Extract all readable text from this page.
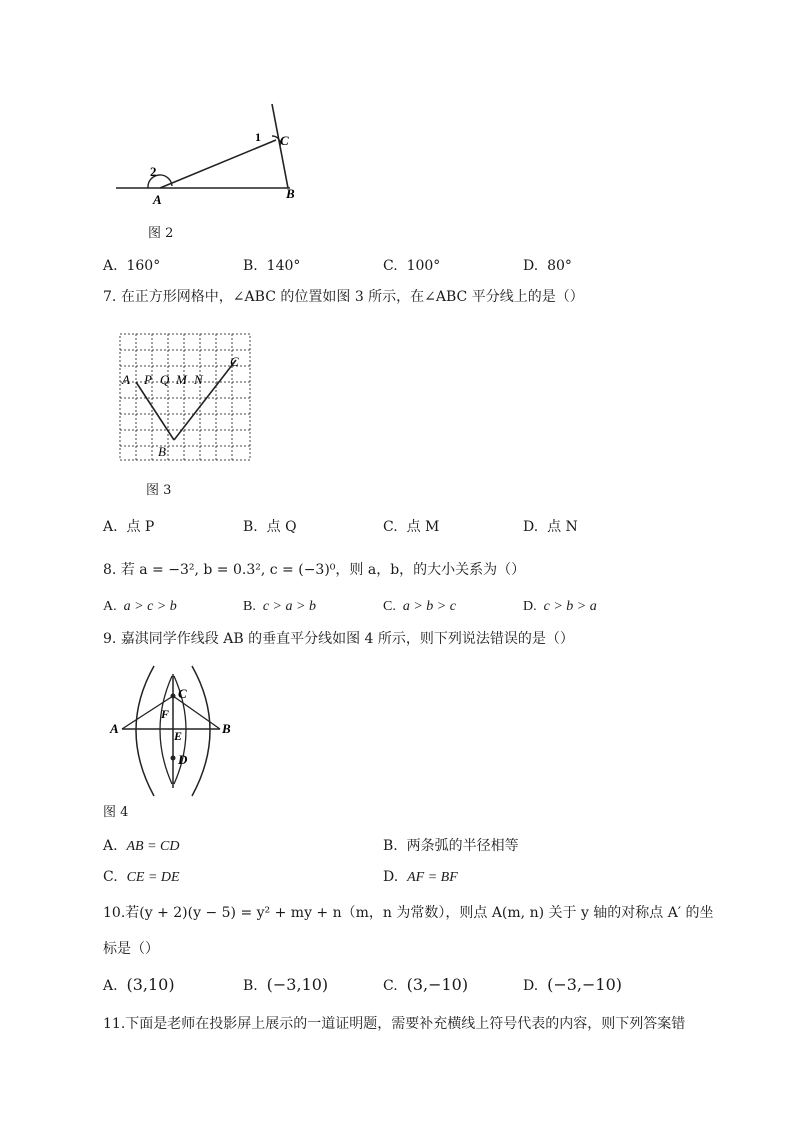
2
A	B
1 C
图 2
A. 160°	B. 140°	C. 100°	D. 80°
7. 在正方形网格中，∠ABC 的位置如图 3 所示，在∠ABC 平分线上的是（）
A P Q M N
C
B
图 3
A. 点 P	B. 点 Q	C. 点 M	D. 点 N
8. 若 a = −3², b = 0.3², c = (−3)⁰，则 a，b，的大小关系为（）
A. a > c > b	B. c > a > b	C. a > b > c	D. c > b > a
9. 嘉淇同学作线段 AB 的垂直平分线如图 4 所示，则下列说法错误的是（）
A	B
C
F
E
D
图 4
A. AB = CD	B. 两条弧的半径相等
C. CE = DE	D. AF = BF
10.若(y + 2)(y − 5) = y² + my + n（m，n 为常数），则点 A(m, n) 关于 y 轴的对称点 A′ 的坐
标是（）
A. (3,10)	B. (−3,10)	C. (3,−10)	D. (−3,−10)
11.下面是老师在投影屏上展示的一道证明题，需要补充横线上符号代表的内容，则下列答案错
